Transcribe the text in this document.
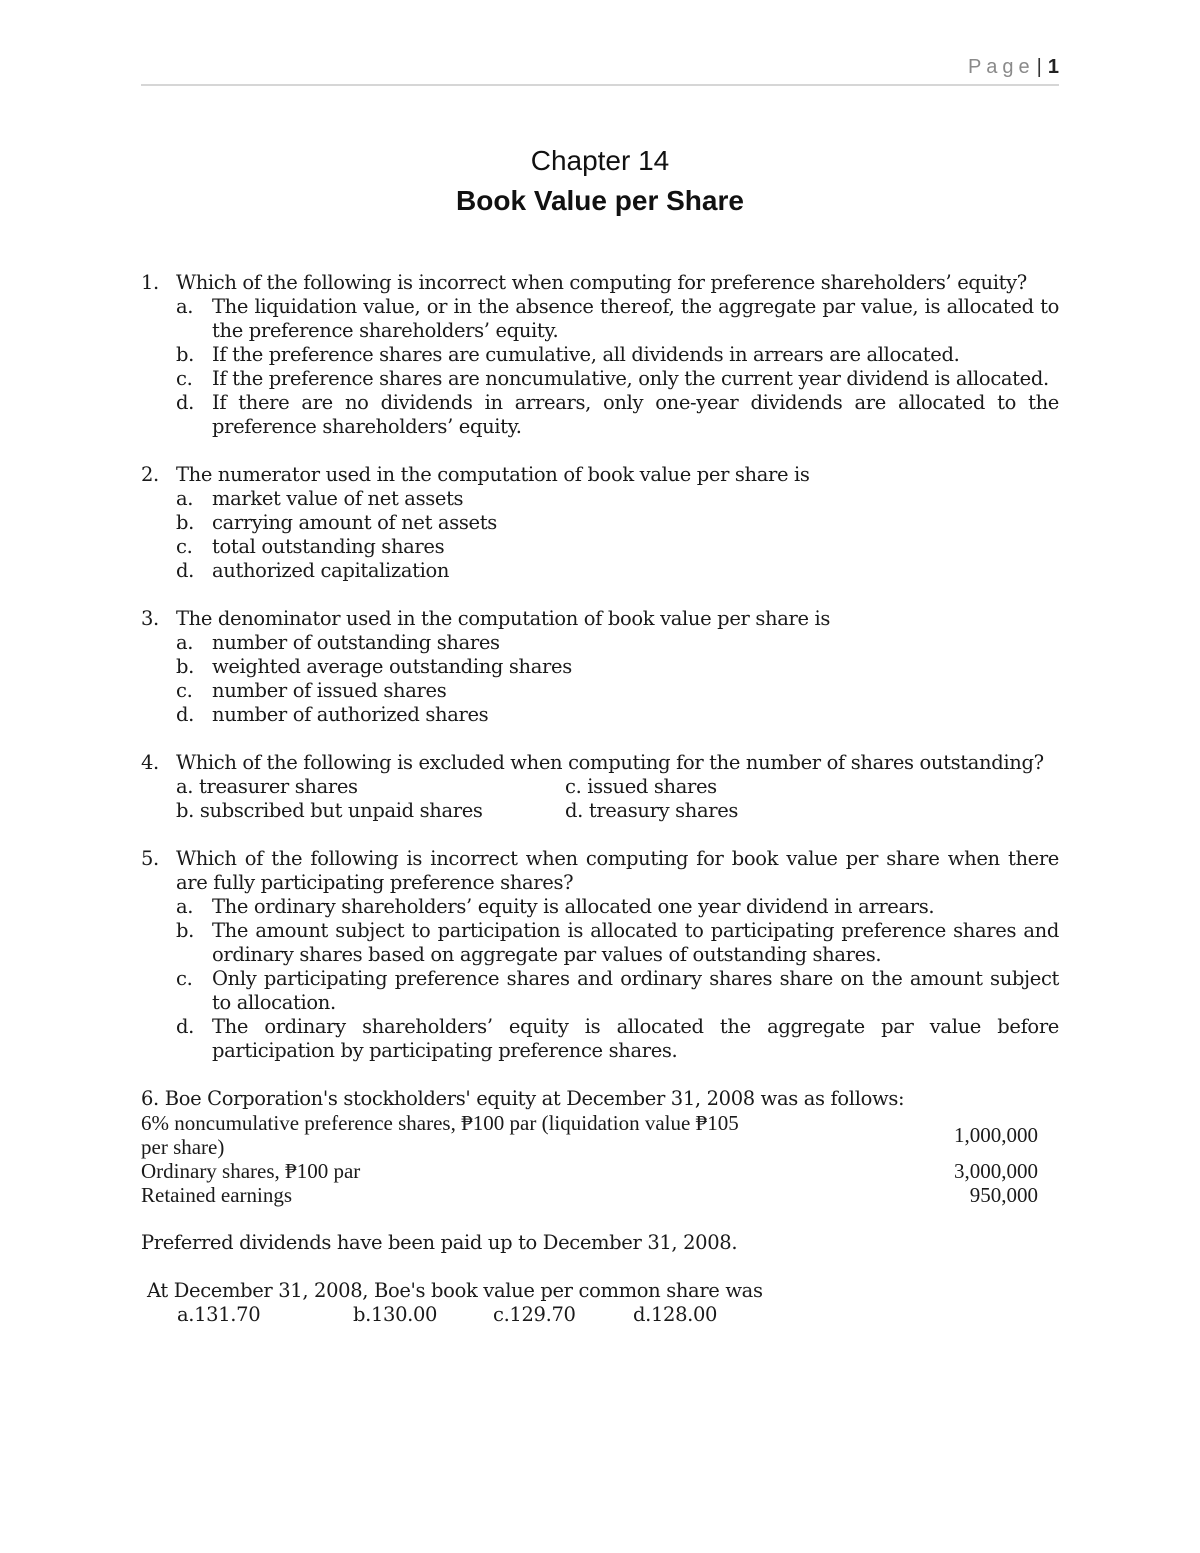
Page | 1
Chapter 14
Book Value per Share
1. Which of the following is incorrect when computing for preference shareholders’ equity?
a. The liquidation value, or in the absence thereof, the aggregate par value, is allocated to the preference shareholders’ equity.
b. If the preference shares are cumulative, all dividends in arrears are allocated.
c.	If the preference shares are noncumulative, only the current year dividend is allocated.
d. If there are no dividends in arrears, only one-year dividends are allocated to the preference shareholders’ equity.
2. The numerator used in the computation of book value per share is
a. market value of net assets
b. carrying amount of net assets
c.	total outstanding shares
d. authorized capitalization
3. The denominator used in the computation of book value per share is
a. number of outstanding shares
b. weighted average outstanding shares
c.	number of issued shares
d. number of authorized shares
4. Which of the following is excluded when computing for the number of shares outstanding?
a. treasurer shares	c. issued shares
b. subscribed but unpaid shares	d. treasury shares
5. Which of the following is incorrect when computing for book value per share when there are fully participating preference shares?
a. The ordinary shareholders’ equity is allocated one year dividend in arrears.
b. The amount subject to participation is allocated to participating preference shares and ordinary shares based on aggregate par values of outstanding shares.
c.	Only participating preference shares and ordinary shares share on the amount subject to allocation.
d. The ordinary shareholders’ equity is allocated the aggregate par value before participation by participating preference shares.
6. Boe Corporation's stockholders' equity at December 31, 2008 was as follows:
6% noncumulative preference shares, ₱100 par (liquidation value ₱105
per share)	1,000,000
Ordinary shares, ₱100 par	3,000,000
Retained earnings	950,000
Preferred dividends have been paid up to December 31, 2008.
At December 31, 2008, Boe's book value per common share was
a.131.70	b.130.00	c.129.70	d.128.00
